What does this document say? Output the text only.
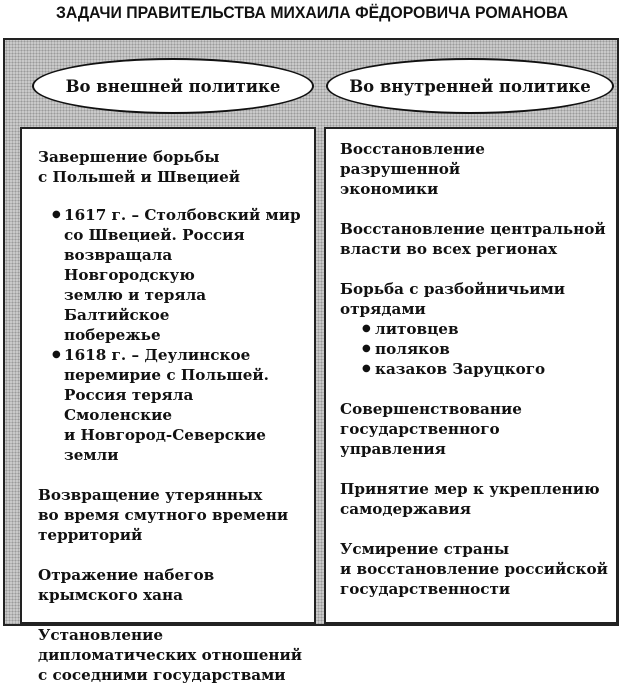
ЗАДАЧИ ПРАВИТЕЛЬСТВА МИХАИЛА ФЁДОРОВИЧА РОМАНОВА
Во внешней политике	Во внутренней политике
Завершение борьбы
с Польшей и Швецией
● 1617 г. – Столбовский мир
со Швецией. Россия
возвращала Новгородскую
землю и теряла Балтийское
побережье
● 1618 г. – Деулинское
перемирие с Польшей.
Россия теряла Смоленские
и Новгород-Северские земли
Возвращение утерянных
во время смутного времени
территорий
Отражение набегов
крымского хана
Установление
дипломатических отношений
с соседними государствами
Восстановление разрушенной
экономики
Восстановление центральной
власти во всех регионах
Борьба с разбойничьими
отрядами
● литовцев
● поляков
● казаков Заруцкого
Совершенствование
государственного
управления
Принятие мер к укреплению
самодержавия
Усмирение страны
и восстановление российской
государственности
